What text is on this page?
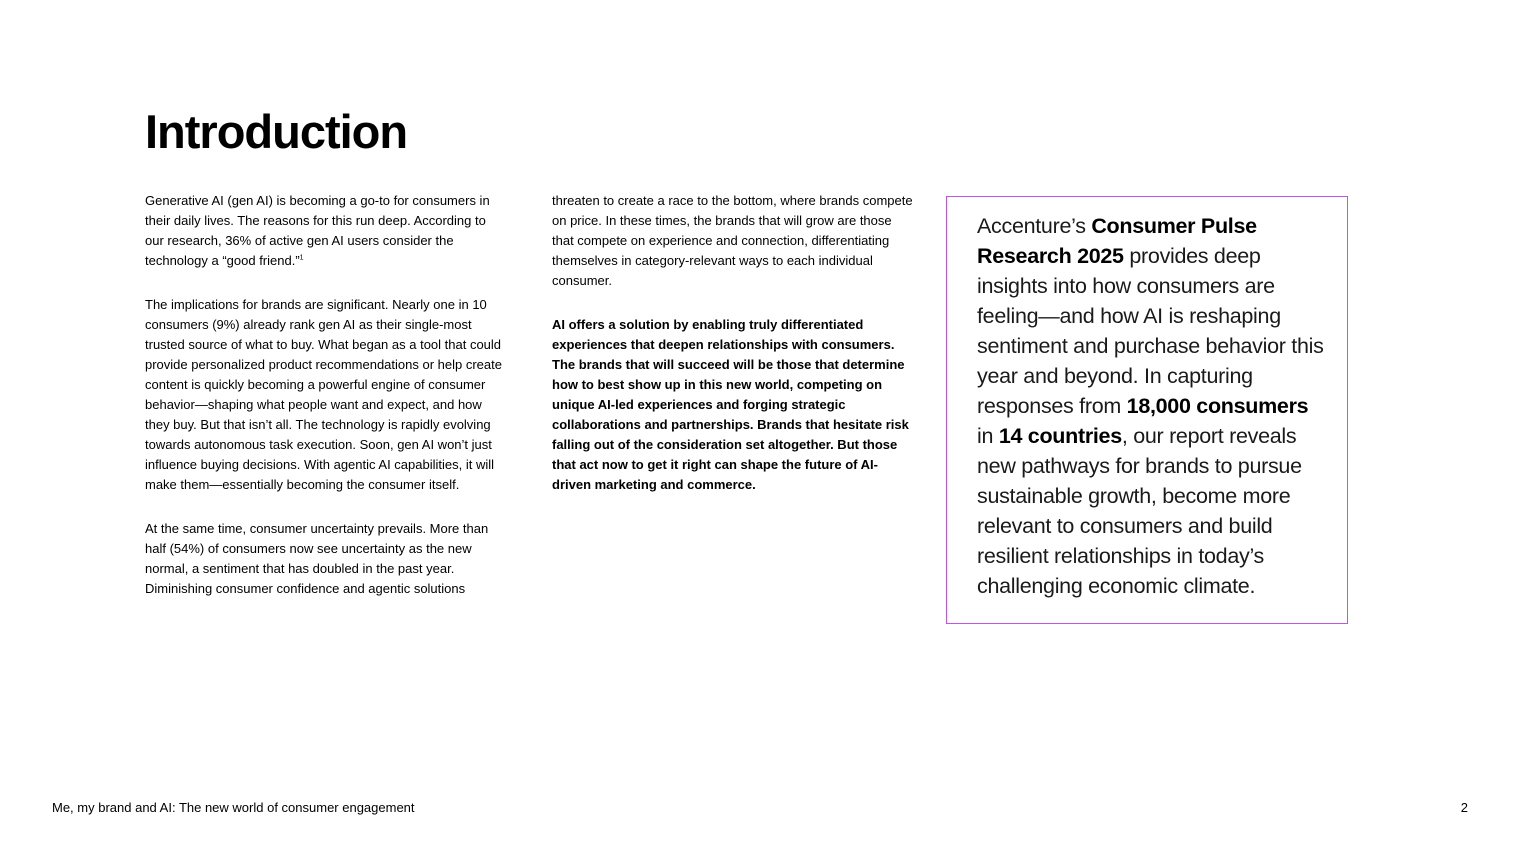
Introduction

Generative AI (gen AI) is becoming a go-to for consumers in their daily lives. The reasons for this run deep. According to our research, 36% of active gen AI users consider the technology a “good friend.”$^1$

The implications for brands are significant. Nearly one in 10 consumers (9%) already rank gen AI as their single-most trusted source of what to buy. What began as a tool that could provide personalized product recommendations or help create content is quickly becoming a powerful engine of consumer behavior—shaping what people want and expect, and how they buy. But that isn’t all. The technology is rapidly evolving towards autonomous task execution. Soon, gen AI won’t just influence buying decisions. With agentic AI capabilities, it will make them—essentially becoming the consumer itself.

At the same time, consumer uncertainty prevails. More than half (54%) of consumers now see uncertainty as the new normal, a sentiment that has doubled in the past year. Diminishing consumer confidence and agentic solutions

threaten to create a race to the bottom, where brands compete on price. In these times, the brands that will grow are those that compete on experience and connection, differentiating themselves in category-relevant ways to each individual consumer.

AI offers a solution by enabling truly differentiated experiences that deepen relationships with consumers. The brands that will succeed will be those that determine how to best show up in this new world, competing on unique AI-led experiences and forging strategic collaborations and partnerships. Brands that hesitate risk falling out of the consideration set altogether. But those that act now to get it right can shape the future of AI-driven marketing and commerce.

Accenture’s Consumer Pulse Research 2025 provides deep insights into how consumers are feeling—and how AI is reshaping sentiment and purchase behavior this year and beyond. In capturing responses from 18,000 consumers in 14 countries, our report reveals new pathways for brands to pursue sustainable growth, become more relevant to consumers and build resilient relationships in today’s challenging economic climate.

Me, my brand and AI: The new world of consumer engagement	2
